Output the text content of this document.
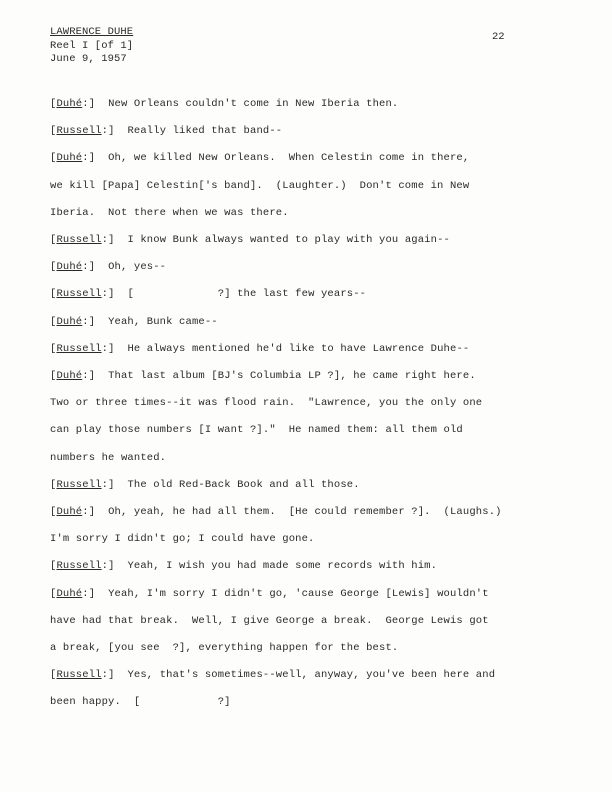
LAWRENCE DUHE
Reel I [of 1]
June 9, 1957
22
[Duhé:]  New Orleans couldn't come in New Iberia then.
[Russell:]  Really liked that band--
[Duhé:]  Oh, we killed New Orleans.  When Celestin come in there,
we kill [Papa] Celestin['s band].  (Laughter.)  Don't come in New
Iberia.  Not there when we was there.
[Russell:]  I know Bunk always wanted to play with you again--
[Duhé:]  Oh, yes--
[Russell:]  [             ?] the last few years--
[Duhé:]  Yeah, Bunk came--
[Russell:]  He always mentioned he'd like to have Lawrence Duhe--
[Duhé:]  That last album [BJ's Columbia LP ?], he came right here.
Two or three times--it was flood rain.  "Lawrence, you the only one
can play those numbers [I want ?]."  He named them: all them old
numbers he wanted.
[Russell:]  The old Red-Back Book and all those.
[Duhé:]  Oh, yeah, he had all them.  [He could remember ?].  (Laughs.)
I'm sorry I didn't go; I could have gone.
[Russell:]  Yeah, I wish you had made some records with him.
[Duhé:]  Yeah, I'm sorry I didn't go, 'cause George [Lewis] wouldn't
have had that break.  Well, I give George a break.  George Lewis got
a break, [you see  ?], everything happen for the best.
[Russell:]  Yes, that's sometimes--well, anyway, you've been here and
been happy.  [            ?]
